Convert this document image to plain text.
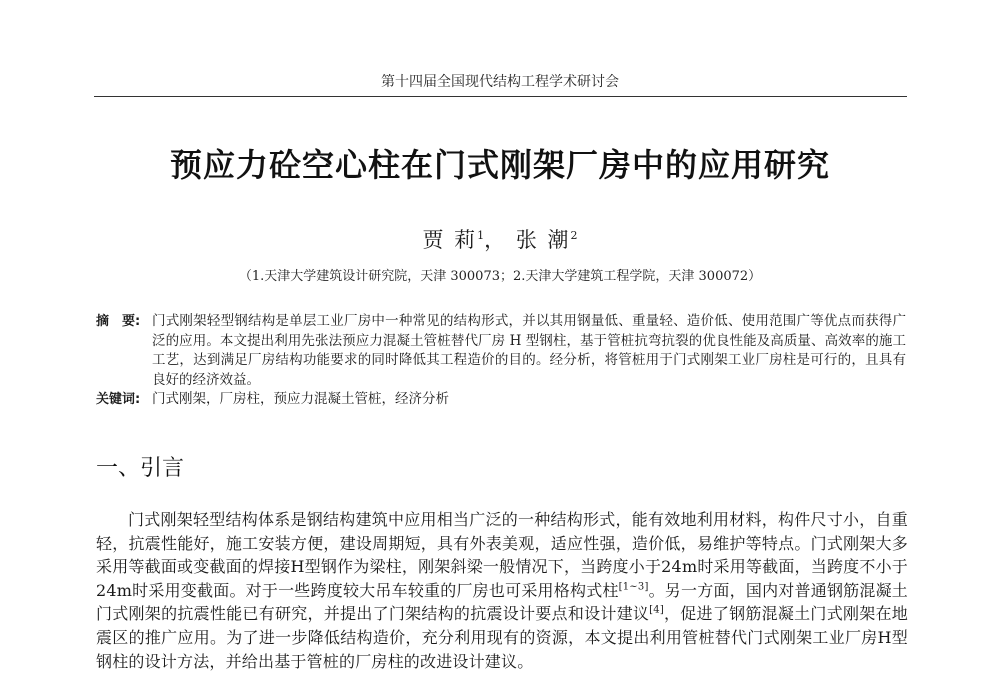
第十四届全国现代结构工程学术研讨会
预应力砼空心柱在门式刚架厂房中的应用研究
贾 莉$^1$， 张 潮$^2$
（1.天津大学建筑设计研究院，天津 300073；2.天津大学建筑工程学院，天津 300072）
摘　要: 门式刚架轻型钢结构是单层工业厂房中一种常见的结构形式，并以其用钢量低、重量轻、造价低、使用范围广等优点而获得广泛的应用。本文提出利用先张法预应力混凝土管桩替代厂房 H 型钢柱，基于管桩抗弯抗裂的优良性能及高质量、高效率的施工工艺，达到满足厂房结构功能要求的同时降低其工程造价的目的。经分析，将管桩用于门式刚架工业厂房柱是可行的，且具有良好的经济效益。
关键词: 门式刚架，厂房柱，预应力混凝土管桩，经济分析
一、引言

门式刚架轻型结构体系是钢结构建筑中应用相当广泛的一种结构形式，能有效地利用材料，构件尺寸小，自重轻，抗震性能好，施工安装方便，建设周期短，具有外表美观，适应性强，造价低，易维护等特点。门式刚架大多采用等截面或变截面的焊接H型钢作为梁柱，刚架斜梁一般情况下，当跨度小于24m时采用等截面，当跨度不小于24m时采用变截面。对于一些跨度较大吊车较重的厂房也可采用格构式柱[1~3]。另一方面，国内对普通钢筋混凝土门式刚架的抗震性能已有研究，并提出了门架结构的抗震设计要点和设计建议[4]，促进了钢筋混凝土门式刚架在地震区的推广应用。为了进一步降低结构造价，充分利用现有的资源，本文提出利用管桩替代门式刚架工业厂房H型钢柱的设计方法，并给出基于管桩的厂房柱的改进设计建议。
